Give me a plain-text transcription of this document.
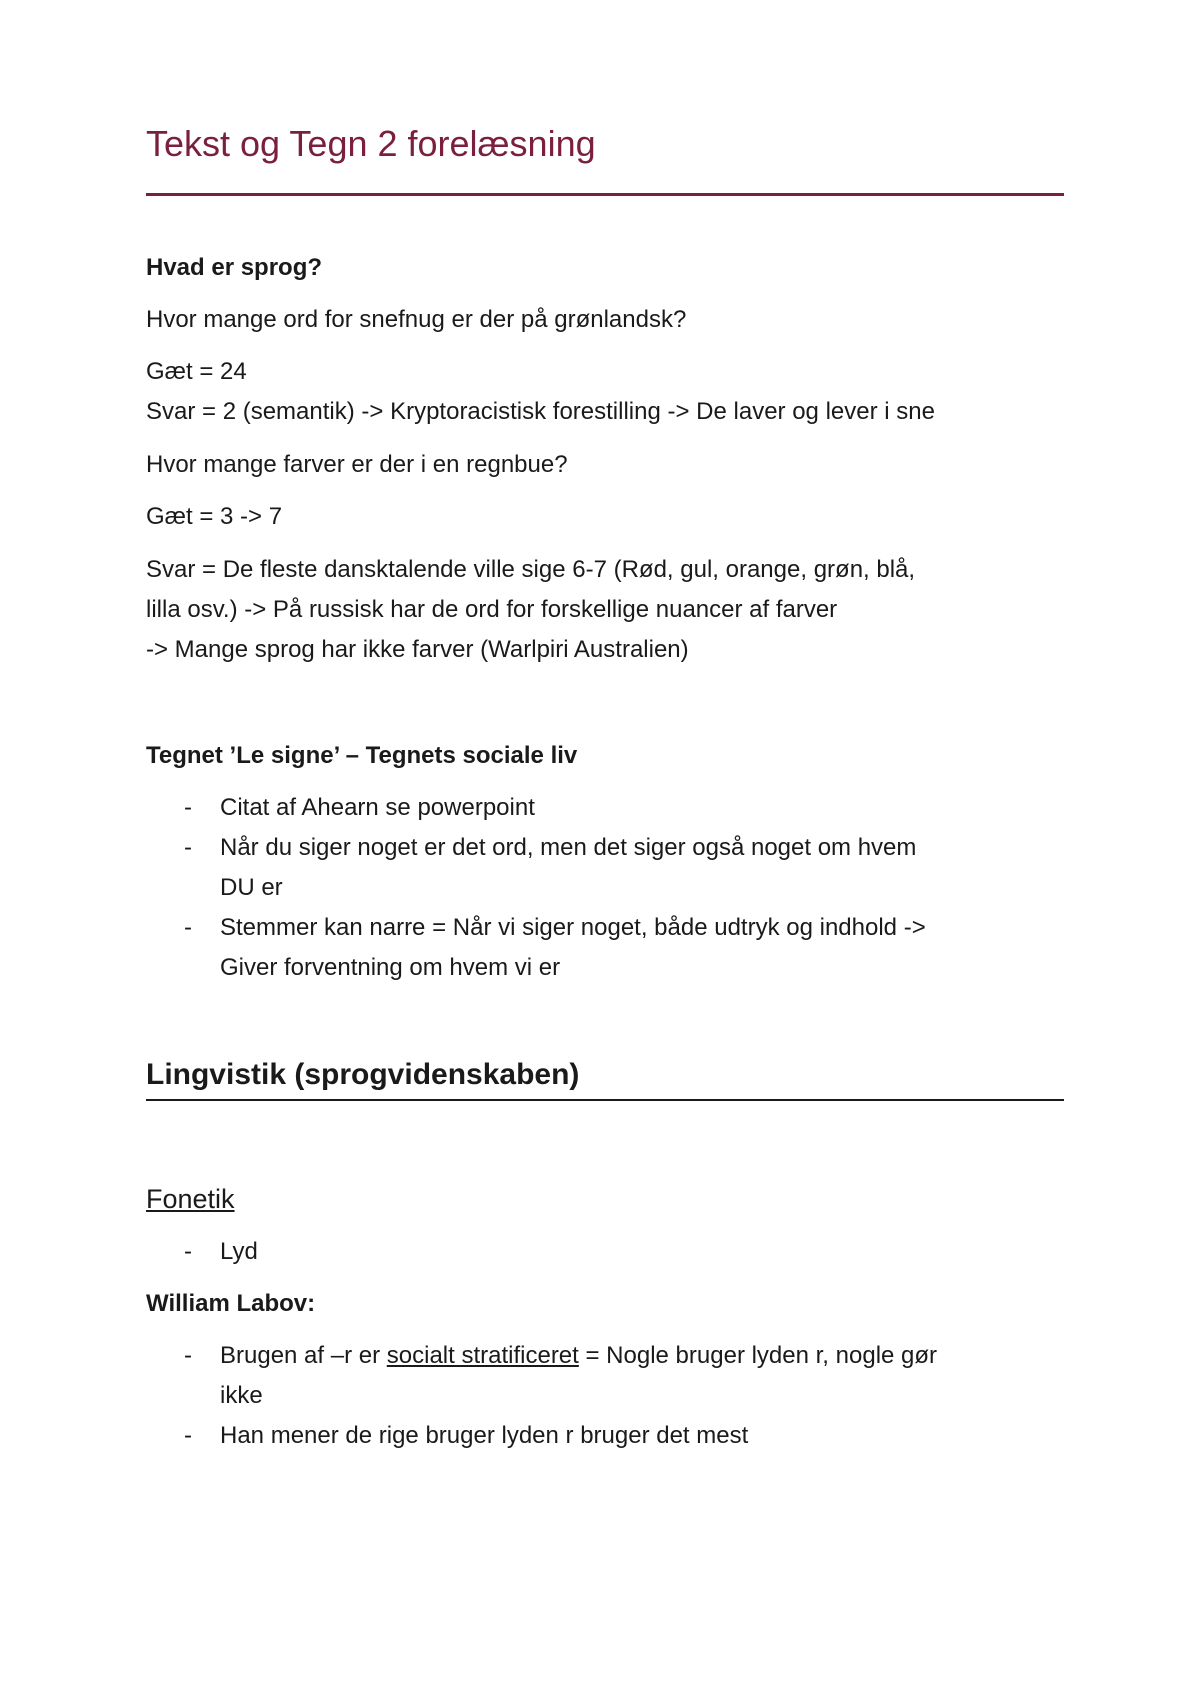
Tekst og Tegn 2 forelæsning
Hvad er sprog?
Hvor mange ord for snefnug er der på grønlandsk?
Gæt = 24
Svar = 2 (semantik) -> Kryptoracistisk forestilling -> De laver og lever i sne
Hvor mange farver er der i en regnbue?
Gæt = 3 -> 7
Svar = De fleste dansktalende ville sige 6-7 (Rød, gul, orange, grøn, blå,
lilla osv.) -> På russisk har de ord for forskellige nuancer af farver
-> Mange sprog har ikke farver (Warlpiri Australien)
Tegnet ’Le signe’ – Tegnets sociale liv
- Citat af Ahearn se powerpoint
- Når du siger noget er det ord, men det siger også noget om hvem
DU er
- Stemmer kan narre = Når vi siger noget, både udtryk og indhold ->
Giver forventning om hvem vi er
Lingvistik (sprogvidenskaben)
Fonetik
- Lyd
William Labov:
- Brugen af –r er socialt stratificeret = Nogle bruger lyden r, nogle gør
ikke
- Han mener de rige bruger lyden r bruger det mest
